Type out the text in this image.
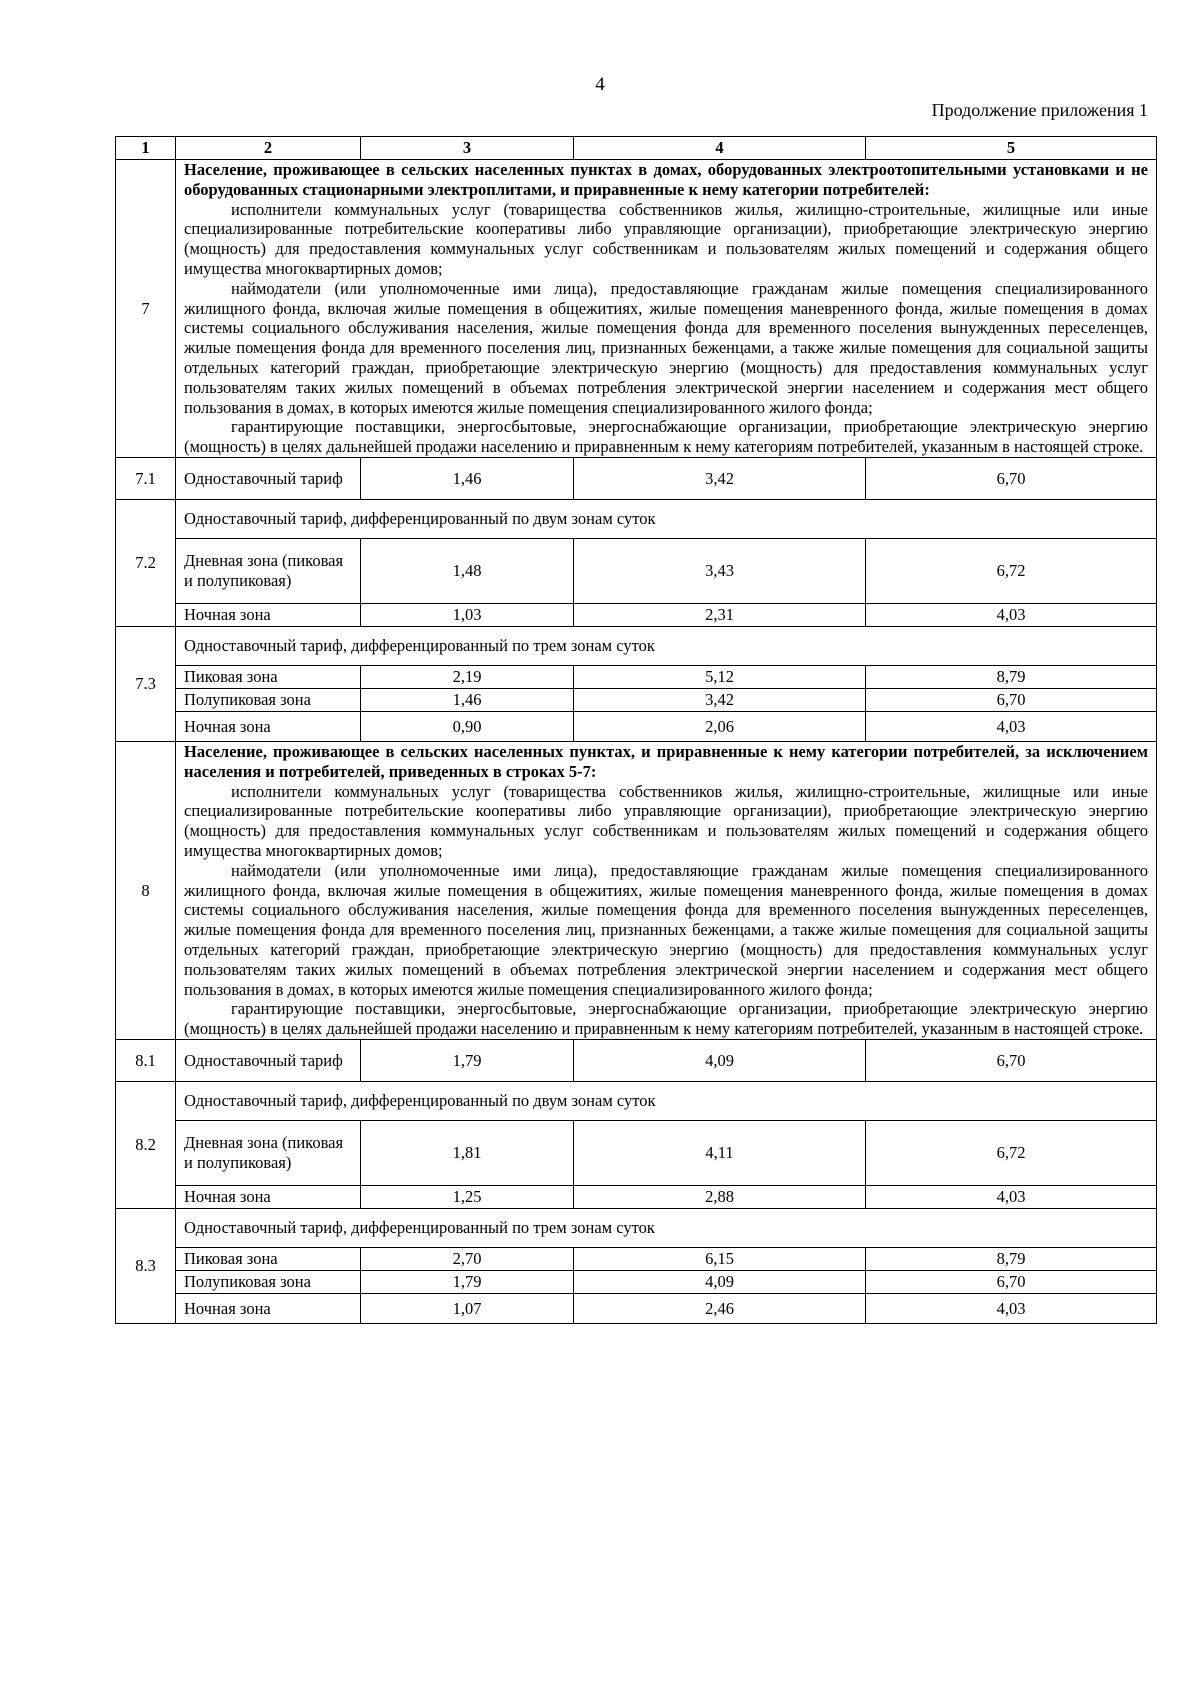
4
Продолжение приложения 1
1	2	3	4	5
7	Население, проживающее в сельских населенных пунктах в домах, оборудованных электроотопительными установками и не оборудованных стационарными электроплитами, и приравненные к нему категории потребителей:

исполнители коммунальных услуг (товарищества собственников жилья, жилищно-строительные, жилищные или иные специализированные потребительские кооперативы либо управляющие организации), приобретающие электрическую энергию (мощность) для предоставления коммунальных услуг собственникам и пользователям жилых помещений и содержания общего имущества многоквартирных домов;

наймодатели (или уполномоченные ими лица), предоставляющие гражданам жилые помещения специализированного жилищного фонда, включая жилые помещения в общежитиях, жилые помещения маневренного фонда, жилые помещения в домах системы социального обслуживания населения, жилые помещения фонда для временного поселения вынужденных переселенцев, жилые помещения фонда для временного поселения лиц, признанных беженцами, а также жилые помещения для социальной защиты отдельных категорий граждан, приобретающие электрическую энергию (мощность) для предоставления коммунальных услуг пользователям таких жилых помещений в объемах потребления электрической энергии населением и содержания мест общего пользования в домах, в которых имеются жилые помещения специализированного жилого фонда;

гарантирующие поставщики, энергосбытовые, энергоснабжающие организации, приобретающие электрическую энергию (мощность) в целях дальнейшей продажи населению и приравненным к нему категориям потребителей, указанным в настоящей строке.			

7.1	Одноставочный тариф	1,46	3,42	6,70
7.2	Одноставочный тариф, дифференцированный по двум зонам суток			
	Дневная зона (пиковая и полупиковая)	1,48	3,43	6,72
	Ночная зона	1,03	2,31	4,03
7.3	Одноставочный тариф, дифференцированный по трем зонам суток			
	Пиковая зона	2,19	5,12	8,79
	Полупиковая зона	1,46	3,42	6,70
	Ночная зона	0,90	2,06	4,03
8	Население, проживающее в сельских населенных пунктах, и приравненные к нему категории потребителей, за исключением населения и потребителей, приведенных в строках 5-7:

исполнители коммунальных услуг (товарищества собственников жилья, жилищно-строительные, жилищные или иные специализированные потребительские кооперативы либо управляющие организации), приобретающие электрическую энергию (мощность) для предоставления коммунальных услуг собственникам и пользователям жилых помещений и содержания общего имущества многоквартирных домов;

наймодатели (или уполномоченные ими лица), предоставляющие гражданам жилые помещения специализированного жилищного фонда, включая жилые помещения в общежитиях, жилые помещения маневренного фонда, жилые помещения в домах системы социального обслуживания населения, жилые помещения фонда для временного поселения вынужденных переселенцев, жилые помещения фонда для временного поселения лиц, признанных беженцами, а также жилые помещения для социальной защиты отдельных категорий граждан, приобретающие электрическую энергию (мощность) для предоставления коммунальных услуг пользователям таких жилых помещений в объемах потребления электрической энергии населением и содержания мест общего пользования в домах, в которых имеются жилые помещения специализированного жилого фонда;

гарантирующие поставщики, энергосбытовые, энергоснабжающие организации, приобретающие электрическую энергию (мощность) в целях дальнейшей продажи населению и приравненным к нему категориям потребителей, указанным в настоящей строке.			

8.1	Одноставочный тариф	1,79	4,09	6,70
8.2	Одноставочный тариф, дифференцированный по двум зонам суток			
	Дневная зона (пиковая и полупиковая)	1,81	4,11	6,72
	Ночная зона	1,25	2,88	4,03
8.3	Одноставочный тариф, дифференцированный по трем зонам суток			
	Пиковая зона	2,70	6,15	8,79
	Полупиковая зона	1,79	4,09	6,70
	Ночная зона	1,07	2,46	4,03
